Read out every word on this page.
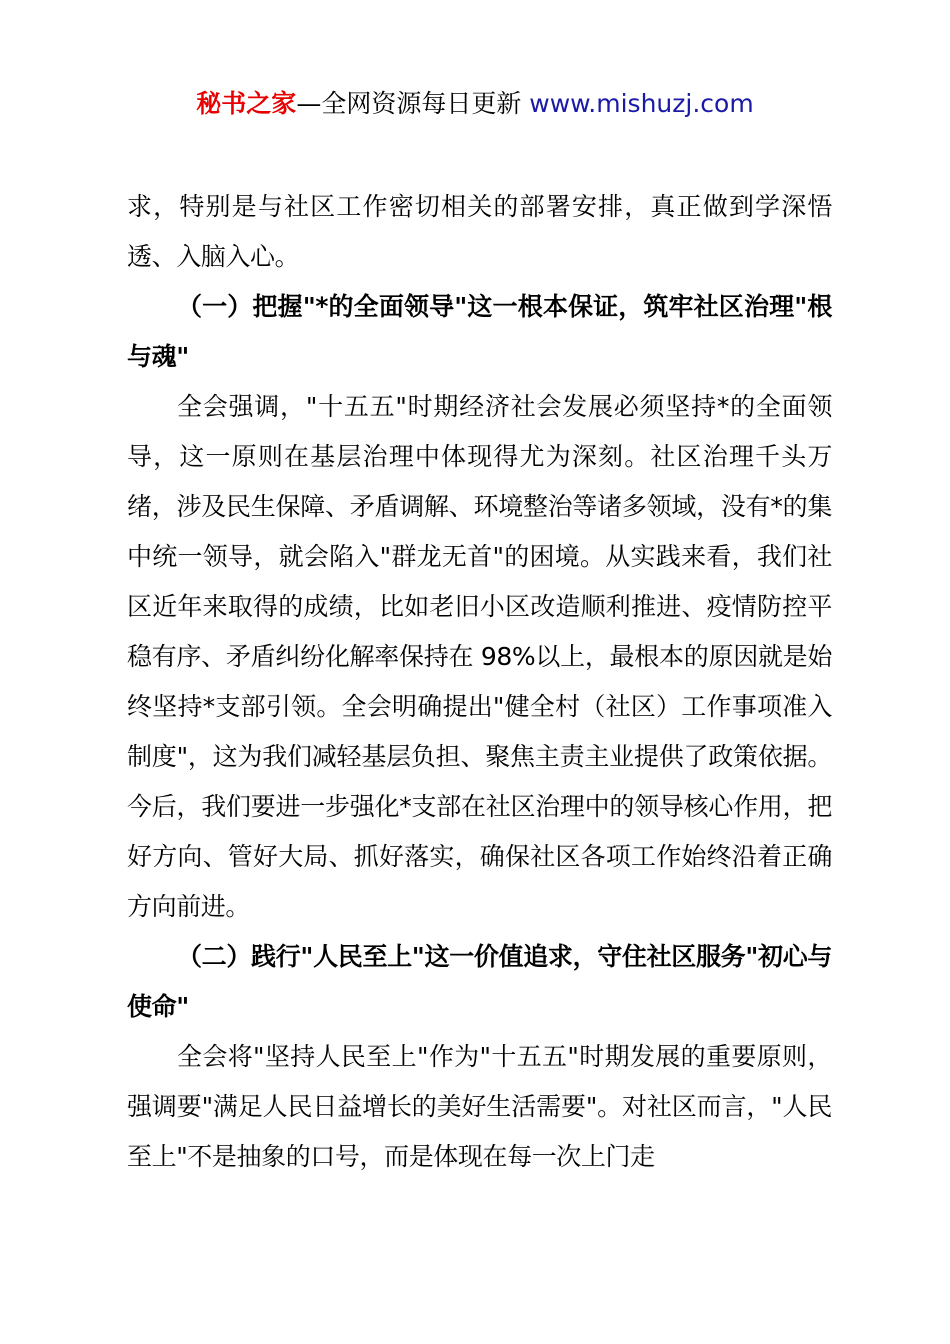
秘书之家—全网资源每日更新 www.mishuzj.com

求，特别是与社区工作密切相关的部署安排，真正做到学深悟透、入脑入心。

（一）把握"*的全面领导"这一根本保证，筑牢社区治理"根与魂"

全会强调，"十五五"时期经济社会发展必须坚持*的全面领导，这一原则在基层治理中体现得尤为深刻。社区治理千头万绪，涉及民生保障、矛盾调解、环境整治等诸多领域，没有*的集中统一领导，就会陷入"群龙无首"的困境。从实践来看，我们社区近年来取得的成绩，比如老旧小区改造顺利推进、疫情防控平稳有序、矛盾纠纷化解率保持在 98%以上，最根本的原因就是始终坚持*支部引领。全会明确提出"健全村（社区）工作事项准入制度"，这为我们减轻基层负担、聚焦主责主业提供了政策依据。今后，我们要进一步强化*支部在社区治理中的领导核心作用，把好方向、管好大局、抓好落实，确保社区各项工作始终沿着正确方向前进。

（二）践行"人民至上"这一价值追求，守住社区服务"初心与使命"

全会将"坚持人民至上"作为"十五五"时期发展的重要原则，强调要"满足人民日益增长的美好生活需要"。对社区而言，"人民至上"不是抽象的口号，而是体现在每一次上门走
